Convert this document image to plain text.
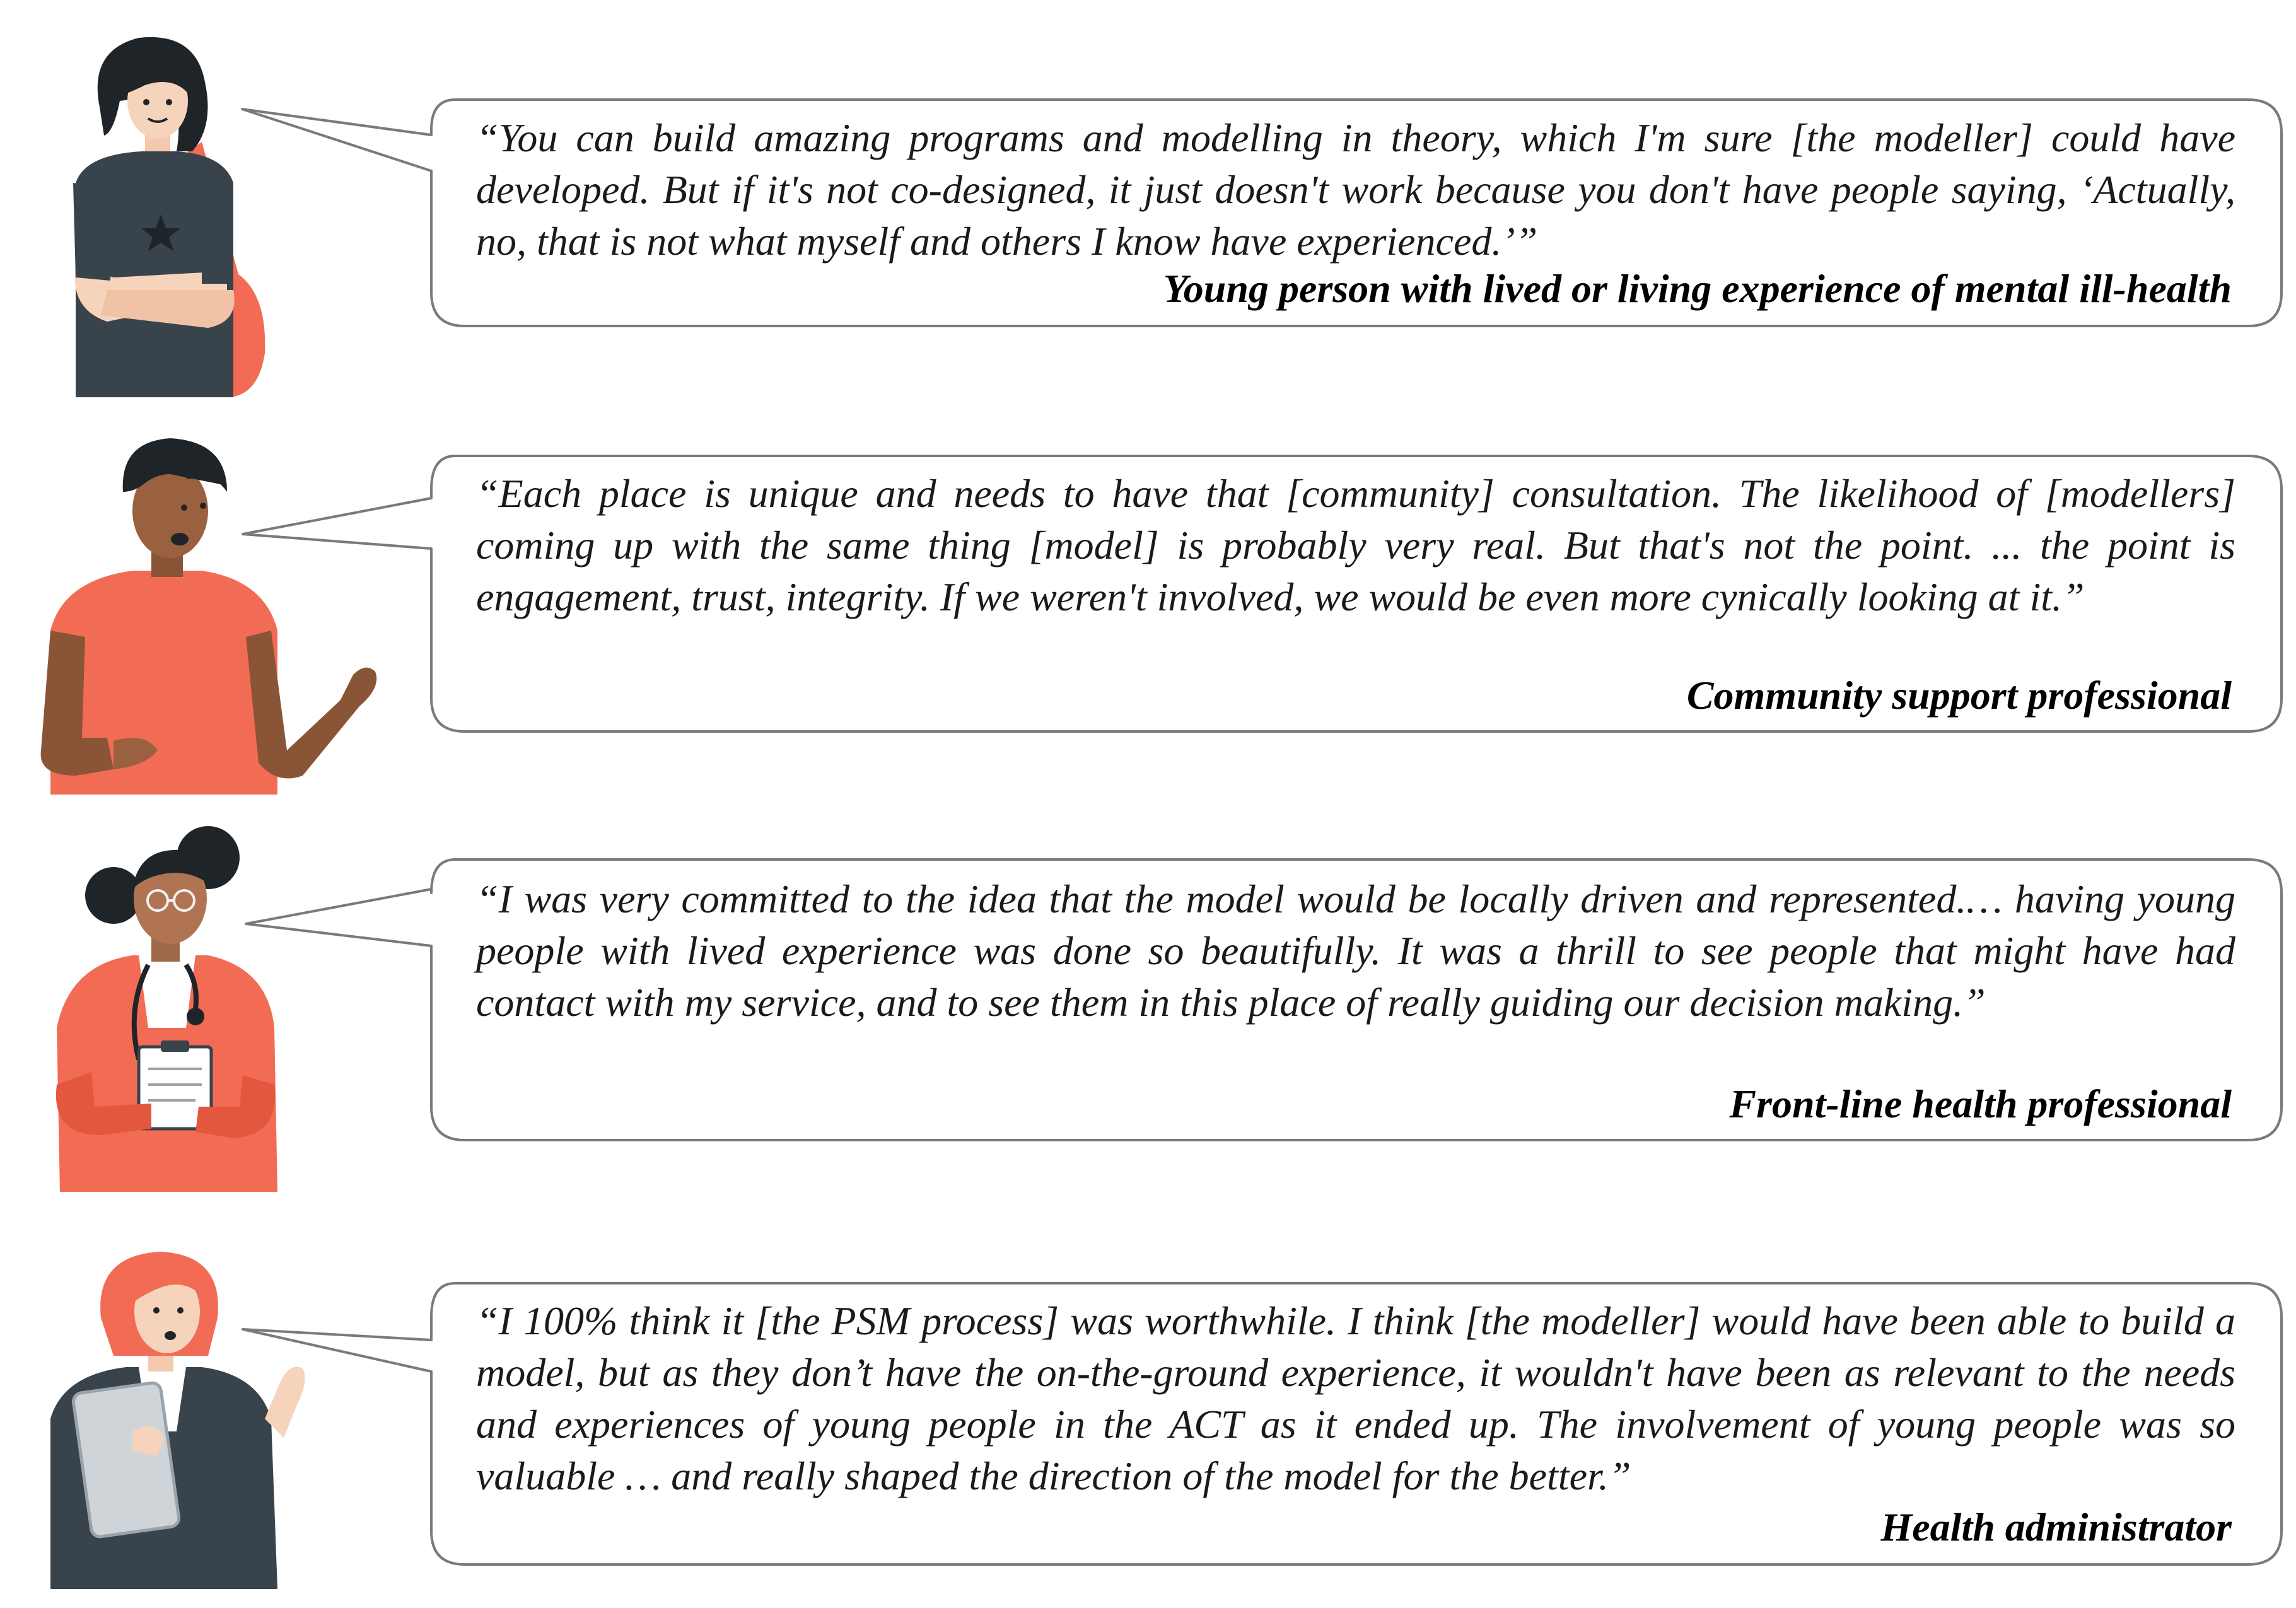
“You can build amazing programs and modelling in theory, which I'm sure [the modeller] could have developed. But if it's not co-designed, it just doesn't work because you don't have people saying, ‘Actually, no, that is not what myself and others I know have experienced.’”

Young person with lived or living experience of mental ill-health

“Each place is unique and needs to have that [community] consultation. The likelihood of [modellers] coming up with the same thing [model] is probably very real. But that's not the point. ... the point is engagement, trust, integrity. If we weren't involved, we would be even more cynically looking at it.”

Community support professional

“I was very committed to the idea that the model would be locally driven and represented.… having young people with lived experience was done so beautifully. It was a thrill to see people that might have had contact with my service, and to see them in this place of really guiding our decision making.”

Front-line health professional

“I 100% think it [the PSM process] was worthwhile. I think [the modeller] would have been able to build a model, but as they don’t have the on-the-ground experience, it wouldn't have been as relevant to the needs and experiences of young people in the ACT as it ended up. The involvement of young people was so valuable … and really shaped the direction of the model for the better.”

Health administrator
